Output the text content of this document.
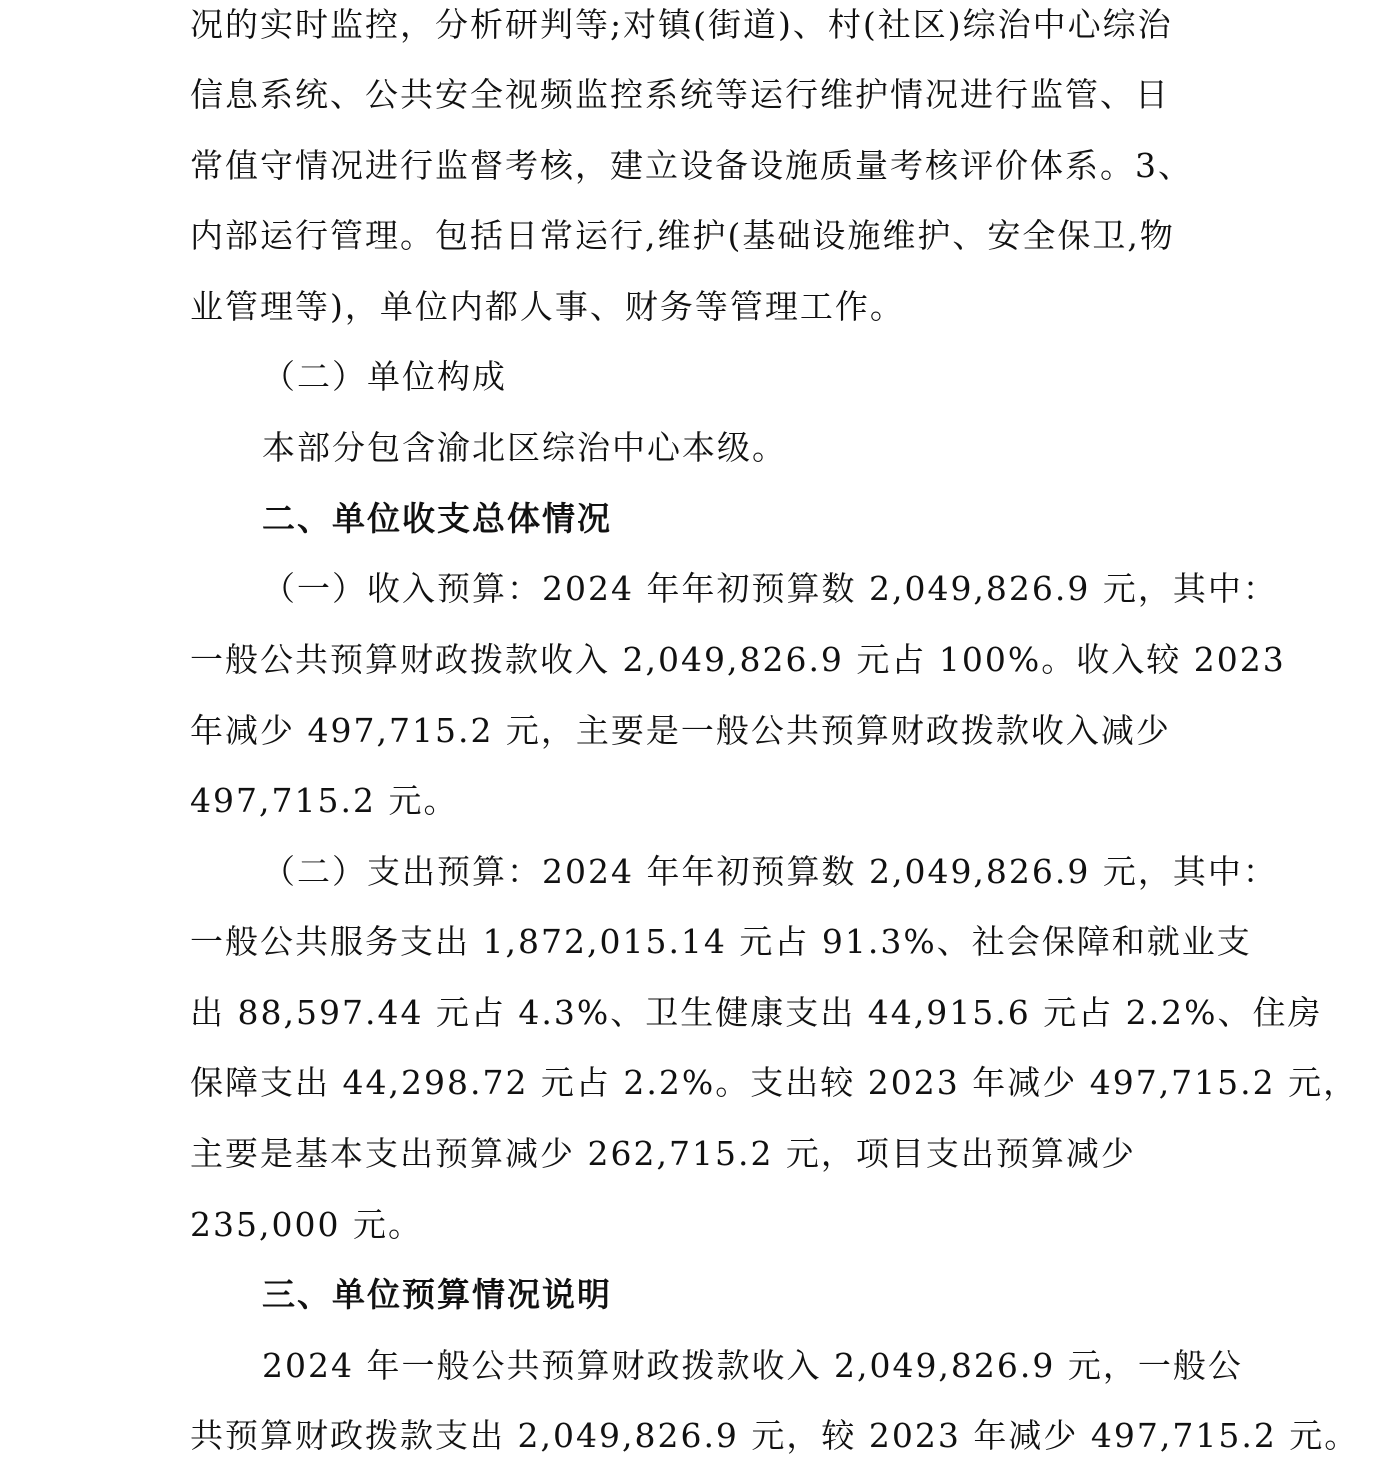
况的实时监控，分析研判等;对镇(街道)、村(社区)综治中心综治
信息系统、公共安全视频监控系统等运行维护情况进行监管、日
常值守情况进行监督考核，建立设备设施质量考核评价体系。3、
内部运行管理。包括日常运行,维护(基础设施维护、安全保卫,物
业管理等)，单位内都人事、财务等管理工作。
（二）单位构成
本部分包含渝北区综治中心本级。
二、单位收支总体情况
（一）收入预算：2024 年年初预算数 2,049,826.9 元，其中：
一般公共预算财政拨款收入 2,049,826.9 元占 100%。收入较 2023
年减少 497,715.2 元，主要是一般公共预算财政拨款收入减少
497,715.2 元。
（二）支出预算：2024 年年初预算数 2,049,826.9 元，其中：
一般公共服务支出 1,872,015.14 元占 91.3%、社会保障和就业支
出 88,597.44 元占 4.3%、卫生健康支出 44,915.6 元占 2.2%、住房
保障支出 44,298.72 元占 2.2%。支出较 2023 年减少 497,715.2 元，
主要是基本支出预算减少 262,715.2 元，项目支出预算减少
235,000 元。
三、单位预算情况说明
2024 年一般公共预算财政拨款收入 2,049,826.9 元，一般公
共预算财政拨款支出 2,049,826.9 元，较 2023 年减少 497,715.2 元。
